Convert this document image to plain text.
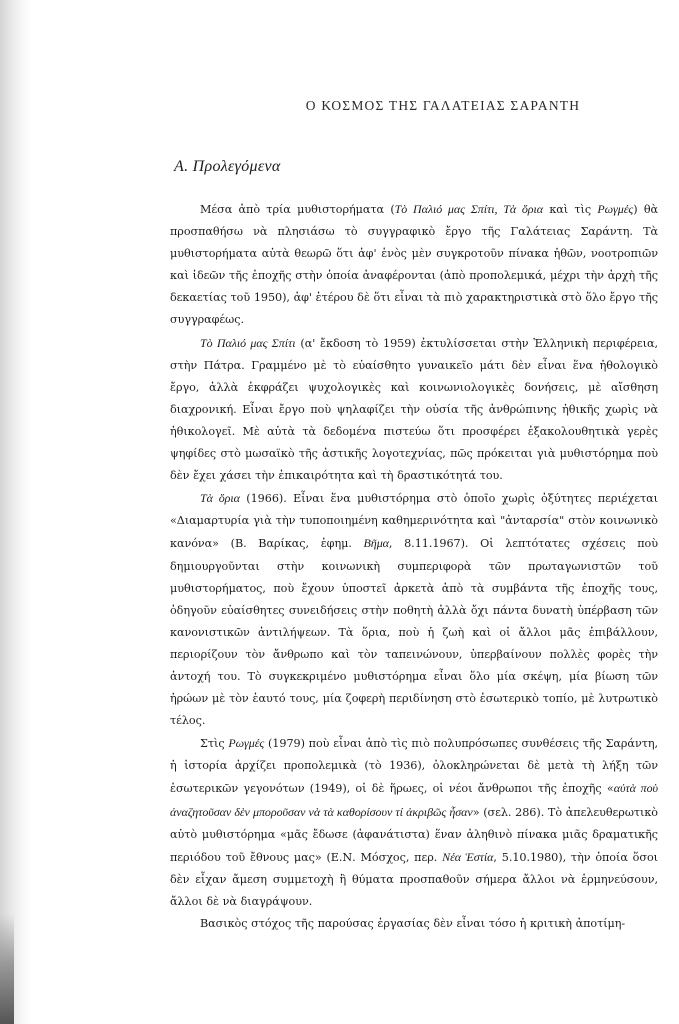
Ο ΚΟΣΜΟΣ ΤΗΣ ΓΑΛΑΤΕΙΑΣ ΣΑΡΑΝΤΗ
Α. Προλεγόμενα

Μέσα ἀπὸ τρία μυθιστορήματα (Τὸ Παλιό μας Σπίτι, Τὰ ὅρια καὶ τὶς Ρωγμές) θὰ προσπαθήσω νὰ πλησιάσω τὸ συγγραφικὸ ἔργο τῆς Γαλάτειας Σαράντη. Τὰ μυθιστορήματα αὐτὰ θεωρῶ ὅτι ἀφ' ἑνὸς μὲν συγκροτοῦν πίνακα ἠθῶν, νοοτροπιῶν καὶ ἰδεῶν τῆς ἐποχῆς στὴν ὁποία ἀναφέρονται (ἀπὸ προπολεμικά, μέχρι τὴν ἀρχὴ τῆς δεκαετίας τοῦ 1950), ἀφ' ἑτέρου δὲ ὅτι εἶναι τὰ πιὸ χαρακτηριστικὰ στὸ ὅλο ἔργο τῆς συγγραφέως.

Τὸ Παλιό μας Σπίτι (α' ἔκδοση τὸ 1959) ἐκτυλίσσεται στὴν Ἑλληνικὴ περιφέρεια, στὴν Πάτρα. Γραμμένο μὲ τὸ εὐαίσθητο γυναικεῖο μάτι δὲν εἶναι ἕνα ἠθολογικὸ ἔργο, ἀλλὰ ἐκφράζει ψυχολογικὲς καὶ κοινωνιολογικὲς δονήσεις, μὲ αἴσθηση διαχρονική. Εἶναι ἔργο ποὺ ψηλαφίζει τὴν οὐσία τῆς ἀνθρώπινης ἠθικῆς χωρὶς νὰ ἠθικολογεῖ. Μὲ αὐτὰ τὰ δεδομένα πιστεύω ὅτι προσφέρει ἐξακολουθητικὰ γερὲς ψηφίδες στὸ μωσαϊκὸ τῆς ἀστικῆς λογοτεχνίας, πῶς πρόκειται γιὰ μυθιστόρημα ποὺ δὲν ἔχει χάσει τὴν ἐπικαιρότητα καὶ τὴ δραστικότητά του.

Τὰ ὅρια (1966). Εἶναι ἕνα μυθιστόρημα στὸ ὁποῖο χωρὶς ὀξύτητες περιέχεται «Διαμαρτυρία γιὰ τὴν τυποποιημένη καθημερινότητα καὶ "ἀνταρσία" στὸν κοινωνικὸ κανόνα» (Β. Βαρίκας, ἐφημ. Βῆμα, 8.11.1967). Οἱ λεπτότατες σχέσεις ποὺ δημιουργοῦνται στὴν κοινωνικὴ συμπεριφορὰ τῶν πρωταγωνιστῶν τοῦ μυθιστορήματος, ποὺ ἔχουν ὑποστεῖ ἀρκετὰ ἀπὸ τὰ συμβάντα τῆς ἐποχῆς τους, ὁδηγοῦν εὐαίσθητες συνειδήσεις στὴν ποθητὴ ἀλλὰ ὄχι πάντα δυνατὴ ὑπέρβαση τῶν κανονιστικῶν ἀντιλήψεων. Τὰ ὅρια, ποὺ ἡ ζωὴ καὶ οἱ ἄλλοι μᾶς ἐπιβάλλουν, περιορίζουν τὸν ἄνθρωπο καὶ τὸν ταπεινώνουν, ὑπερβαίνουν πολλὲς φορὲς τὴν ἀντοχή του. Τὸ συγκεκριμένο μυθιστόρημα εἶναι ὅλο μία σκέψη, μία βίωση τῶν ἡρώων μὲ τὸν ἑαυτό τους, μία ζοφερὴ περιδίνηση στὸ ἐσωτερικὸ τοπίο, μὲ λυτρωτικὸ τέλος.

Στὶς Ρωγμές (1979) ποὺ εἶναι ἀπὸ τὶς πιὸ πολυπρόσωπες συνθέσεις τῆς Σαράντη, ἡ ἱστορία ἀρχίζει προπολεμικὰ (τὸ 1936), ὁλοκληρώνεται δὲ μετὰ τὴ λήξη τῶν ἐσωτερικῶν γεγονότων (1949), οἱ δὲ ἥρωες, οἱ νέοι ἄνθρωποι τῆς ἐποχῆς «αὐτὰ ποὺ ἀναζητοῦσαν δὲν μποροῦσαν νὰ τὰ καθορίσουν τί ἀκριβῶς ἦσαν» (σελ. 286). Τὸ ἀπελευθερωτικὸ αὐτὸ μυθιστόρημα «μᾶς ἔδωσε (ἀφανάτιστα) ἕναν ἀληθινὸ πίνακα μιᾶς δραματικῆς περιόδου τοῦ ἔθνους μας» (Ε.Ν. Μόσχος, περ. Νέα Ἑστία, 5.10.1980), τὴν ὁποία ὅσοι δὲν εἶχαν ἄμεση συμμετοχὴ ἢ θύματα προσπαθοῦν σήμερα ἄλλοι νὰ ἑρμηνεύσουν, ἄλλοι δὲ νὰ διαγράψουν.

Βασικὸς στόχος τῆς παρούσας ἐργασίας δὲν εἶναι τόσο ἡ κριτικὴ ἀποτίμη-
